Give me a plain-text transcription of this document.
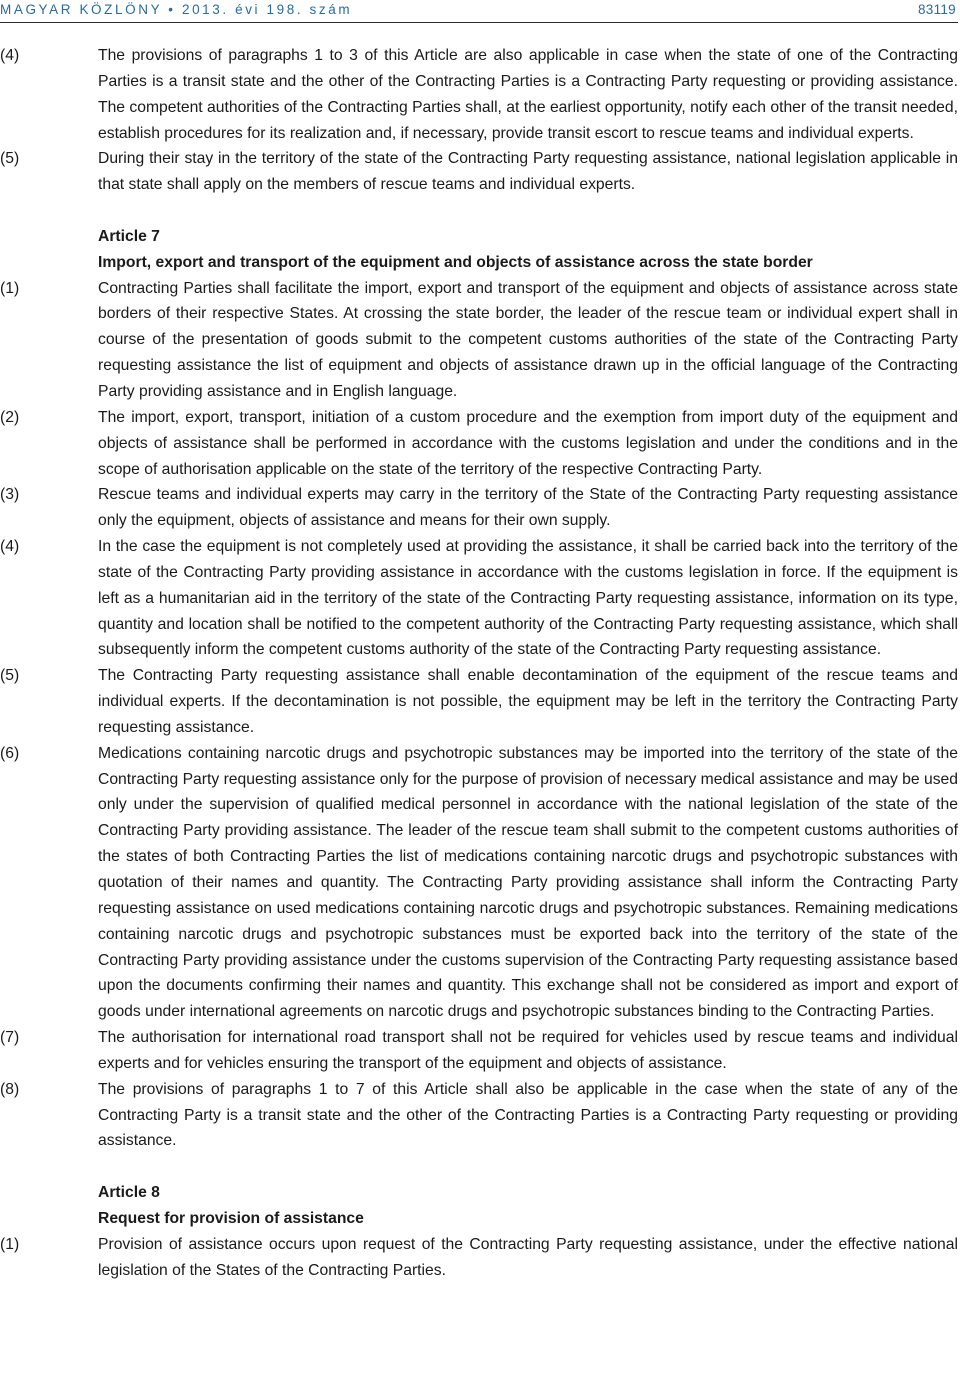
MAGYAR KÖZLÖNY • 2013. évi 198. szám	83119

(4)	The provisions of paragraphs 1 to 3 of this Article are also applicable in case when the state of one of the Contracting Parties is a transit state and the other of the Contracting Parties is a Contracting Party requesting or providing assistance. The competent authorities of the Contracting Parties shall, at the earliest opportunity, notify each other of the transit needed, establish procedures for its realization and, if necessary, provide transit escort to rescue teams and individual experts.

(5)	During their stay in the territory of the state of the Contracting Party requesting assistance, national legislation applicable in that state shall apply on the members of rescue teams and individual experts.

Article 7

Import, export and transport of the equipment and objects of assistance across the state border

(1)	Contracting Parties shall facilitate the import, export and transport of the equipment and objects of assistance across state borders of their respective States. At crossing the state border, the leader of the rescue team or individual expert shall in course of the presentation of goods submit to the competent customs authorities of the state of the Contracting Party requesting assistance the list of equipment and objects of assistance drawn up in the official language of the Contracting Party providing assistance and in English language.

(2)	The import, export, transport, initiation of a custom procedure and the exemption from import duty of the equipment and objects of assistance shall be performed in accordance with the customs legislation and under the conditions and in the scope of authorisation applicable on the state of the territory of the respective Contracting Party.

(3)	Rescue teams and individual experts may carry in the territory of the State of the Contracting Party requesting assistance only the equipment, objects of assistance and means for their own supply.

(4)	In the case the equipment is not completely used at providing the assistance, it shall be carried back into the territory of the state of the Contracting Party providing assistance in accordance with the customs legislation in force. If the equipment is left as a humanitarian aid in the territory of the state of the Contracting Party requesting assistance, information on its type, quantity and location shall be notified to the competent authority of the Contracting Party requesting assistance, which shall subsequently inform the competent customs authority of the state of the Contracting Party requesting assistance.

(5)	The Contracting Party requesting assistance shall enable decontamination of the equipment of the rescue teams and individual experts. If the decontamination is not possible, the equipment may be left in the territory the Contracting Party requesting assistance.

(6)	Medications containing narcotic drugs and psychotropic substances may be imported into the territory of the state of the Contracting Party requesting assistance only for the purpose of provision of necessary medical assistance and may be used only under the supervision of qualified medical personnel in accordance with the national legislation of the state of the Contracting Party providing assistance. The leader of the rescue team shall submit to the competent customs authorities of the states of both Contracting Parties the list of medications containing narcotic drugs and psychotropic substances with quotation of their names and quantity. The Contracting Party providing assistance shall inform the Contracting Party requesting assistance on used medications containing narcotic drugs and psychotropic substances. Remaining medications containing narcotic drugs and psychotropic substances must be exported back into the territory of the state of the Contracting Party providing assistance under the customs supervision of the Contracting Party requesting assistance based upon the documents confirming their names and quantity. This exchange shall not be considered as import and export of goods under international agreements on narcotic drugs and psychotropic substances binding to the Contracting Parties.

(7)	The authorisation for international road transport shall not be required for vehicles used by rescue teams and individual experts and for vehicles ensuring the transport of the equipment and objects of assistance.

(8)	The provisions of paragraphs 1 to 7 of this Article shall also be applicable in the case when the state of any of the Contracting Party is a transit state and the other of the Contracting Parties is a Contracting Party requesting or providing assistance.

Article 8

Request for provision of assistance

(1)	Provision of assistance occurs upon request of the Contracting Party requesting assistance, under the effective national legislation of the States of the Contracting Parties.
